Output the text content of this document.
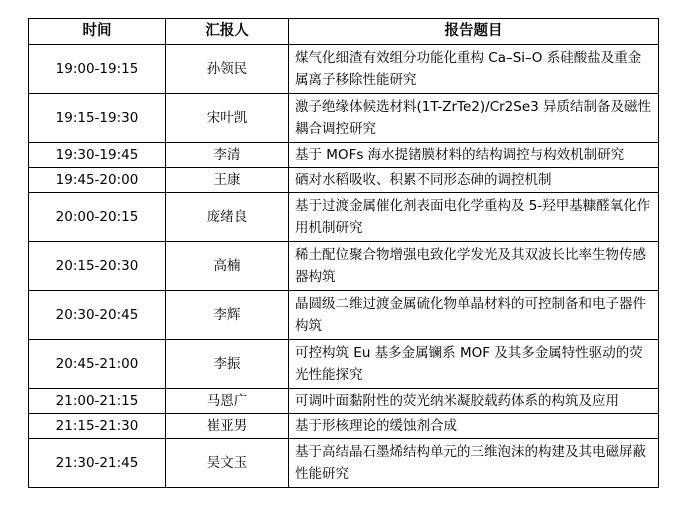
时间	汇报人	报告题目
19:00-19:15	孙领民	煤气化细渣有效组分功能化重构 Ca–Si–O 系硅酸盐及重金属离子移除性能研究
19:15-19:30	宋叶凯	激子绝缘体候选材料(1T-ZrTe2)/Cr2Se3 异质结制备及磁性耦合调控研究
19:30-19:45	李清	基于 MOFs 海水提锗膜材料的结构调控与构效机制研究
19:45-20:00	王康	硒对水稻吸收、积累不同形态砷的调控机制
20:00-20:15	庞绪良	基于过渡金属催化剂表面电化学重构及 5-羟甲基糠醛氧化作用机制研究
20:15-20:30	高楠	稀土配位聚合物增强电致化学发光及其双波长比率生物传感器构筑
20:30-20:45	李辉	晶圆级二维过渡金属硫化物单晶材料的可控制备和电子器件构筑
20:45-21:00	李振	可控构筑 Eu 基多金属镧系 MOF 及其多金属特性驱动的荧光性能探究
21:00-21:15	马恩广	可调叶面黏附性的荧光纳米凝胶载药体系的构筑及应用
21:15-21:30	崔亚男	基于形核理论的缓蚀剂合成
21:30-21:45	吴文玉	基于高结晶石墨烯结构单元的三维泡沫的构建及其电磁屏蔽性能研究
